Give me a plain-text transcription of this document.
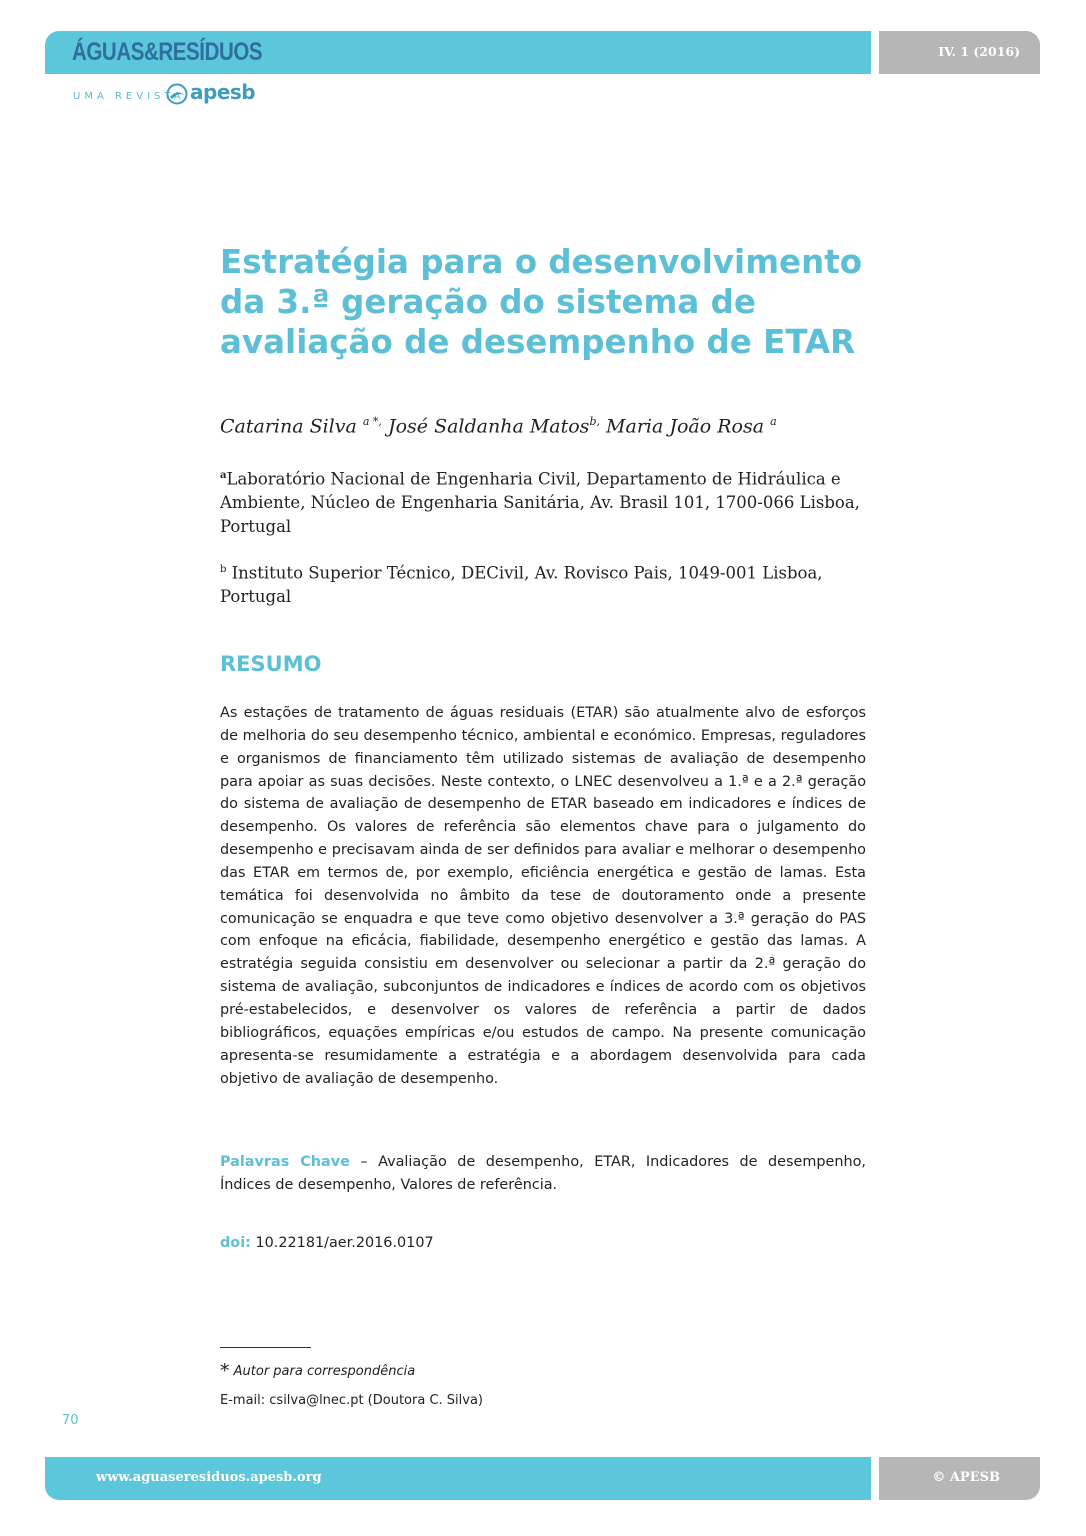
ÁGUAS&RESÍDUOS	IV. 1 (2016)
UMA REVISTA apesb
Estratégia para o desenvolvimento da 3.ª geração do sistema de avaliação de desempenho de ETAR
Catarina Silva $^{a *,}$ José Saldanha Matos$^{b,}$ Maria João Rosa $^a$
$^a$Laboratório Nacional de Engenharia Civil, Departamento de Hidráulica e Ambiente, Núcleo de Engenharia Sanitária, Av. Brasil 101, 1700-066 Lisboa, Portugal
$^b$ Instituto Superior Técnico, DECivil, Av. Rovisco Pais, 1049-001 Lisboa, Portugal
RESUMO

As estações de tratamento de águas residuais (ETAR) são atualmente alvo de esforços de melhoria do seu desempenho técnico, ambiental e económico. Empresas, reguladores e organismos de financiamento têm utilizado sistemas de avaliação de desempenho para apoiar as suas decisões. Neste contexto, o LNEC desenvolveu a 1.ª e a 2.ª geração do sistema de avaliação de desempenho de ETAR baseado em indicadores e índices de desempenho. Os valores de referência são elementos chave para o julgamento do desempenho e precisavam ainda de ser definidos para avaliar e melhorar o desempenho das ETAR em termos de, por exemplo, eficiência energética e gestão de lamas. Esta temática foi desenvolvida no âmbito da tese de doutoramento onde a presente comunicação se enquadra e que teve como objetivo desenvolver a 3.ª geração do PAS com enfoque na eficácia, fiabilidade, desempenho energético e gestão das lamas. A estratégia seguida consistiu em desenvolver ou selecionar a partir da 2.ª geração do sistema de avaliação, subconjuntos de indicadores e índices de acordo com os objetivos pré-estabelecidos, e desenvolver os valores de referência a partir de dados bibliográficos, equações empíricas e/ou estudos de campo. Na presente comunicação apresenta-se resumidamente a estratégia e a abordagem desenvolvida para cada objetivo de avaliação de desempenho.

Palavras Chave – Avaliação de desempenho, ETAR, Indicadores de desempenho, Índices de desempenho, Valores de referência.

doi: 10.22181/aer.2016.0107
* Autor para correspondência
E-mail: csilva@lnec.pt (Doutora C. Silva)
70
www.aguaseresiduos.apesb.org	© APESB
